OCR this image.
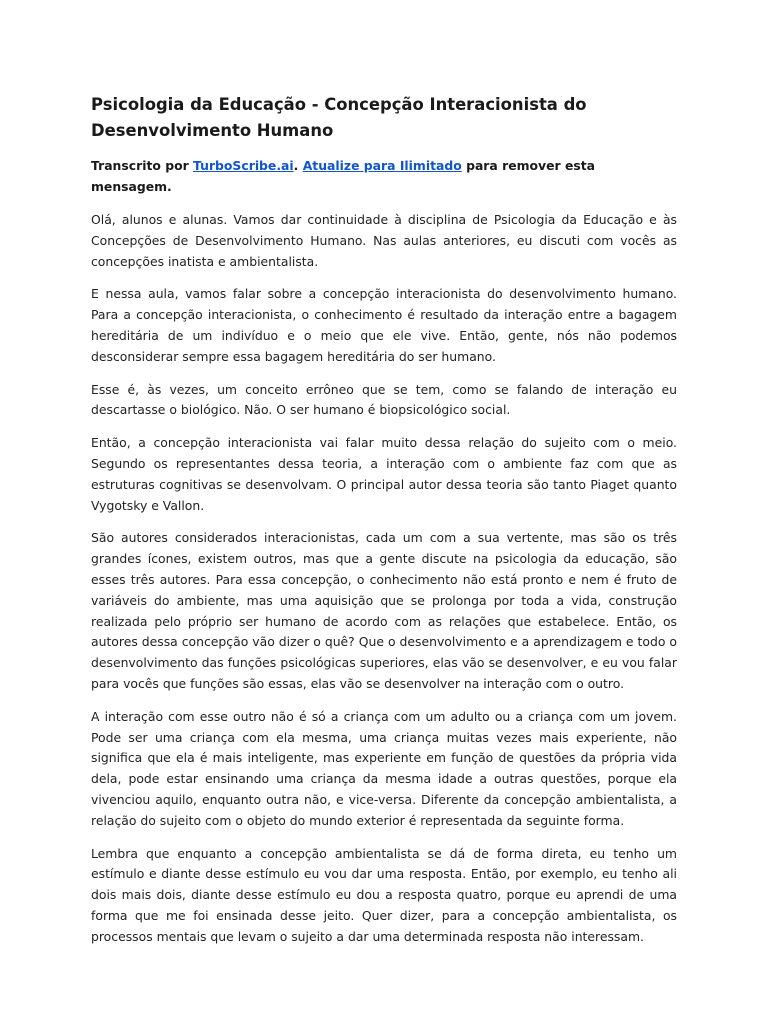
Psicologia da Educação - Concepção Interacionista do Desenvolvimento Humano

Transcrito por TurboScribe.ai. Atualize para Ilimitado para remover esta mensagem.

Olá, alunos e alunas. Vamos dar continuidade à disciplina de Psicologia da Educação e às Concepções de Desenvolvimento Humano. Nas aulas anteriores, eu discuti com vocês as concepções inatista e ambientalista.

E nessa aula, vamos falar sobre a concepção interacionista do desenvolvimento humano. Para a concepção interacionista, o conhecimento é resultado da interação entre a bagagem hereditária de um indivíduo e o meio que ele vive. Então, gente, nós não podemos desconsiderar sempre essa bagagem hereditária do ser humano.

Esse é, às vezes, um conceito errôneo que se tem, como se falando de interação eu descartasse o biológico. Não. O ser humano é biopsicológico social.

Então, a concepção interacionista vai falar muito dessa relação do sujeito com o meio. Segundo os representantes dessa teoria, a interação com o ambiente faz com que as estruturas cognitivas se desenvolvam. O principal autor dessa teoria são tanto Piaget quanto Vygotsky e Vallon.

São autores considerados interacionistas, cada um com a sua vertente, mas são os três grandes ícones, existem outros, mas que a gente discute na psicologia da educação, são esses três autores. Para essa concepção, o conhecimento não está pronto e nem é fruto de variáveis do ambiente, mas uma aquisição que se prolonga por toda a vida, construção realizada pelo próprio ser humano de acordo com as relações que estabelece. Então, os autores dessa concepção vão dizer o quê? Que o desenvolvimento e a aprendizagem e todo o desenvolvimento das funções psicológicas superiores, elas vão se desenvolver, e eu vou falar para vocês que funções são essas, elas vão se desenvolver na interação com o outro.

A interação com esse outro não é só a criança com um adulto ou a criança com um jovem. Pode ser uma criança com ela mesma, uma criança muitas vezes mais experiente, não significa que ela é mais inteligente, mas experiente em função de questões da própria vida dela, pode estar ensinando uma criança da mesma idade a outras questões, porque ela vivenciou aquilo, enquanto outra não, e vice-versa. Diferente da concepção ambientalista, a relação do sujeito com o objeto do mundo exterior é representada da seguinte forma.

Lembra que enquanto a concepção ambientalista se dá de forma direta, eu tenho um estímulo e diante desse estímulo eu vou dar uma resposta. Então, por exemplo, eu tenho ali dois mais dois, diante desse estímulo eu dou a resposta quatro, porque eu aprendi de uma forma que me foi ensinada desse jeito. Quer dizer, para a concepção ambientalista, os processos mentais que levam o sujeito a dar uma determinada resposta não interessam.
